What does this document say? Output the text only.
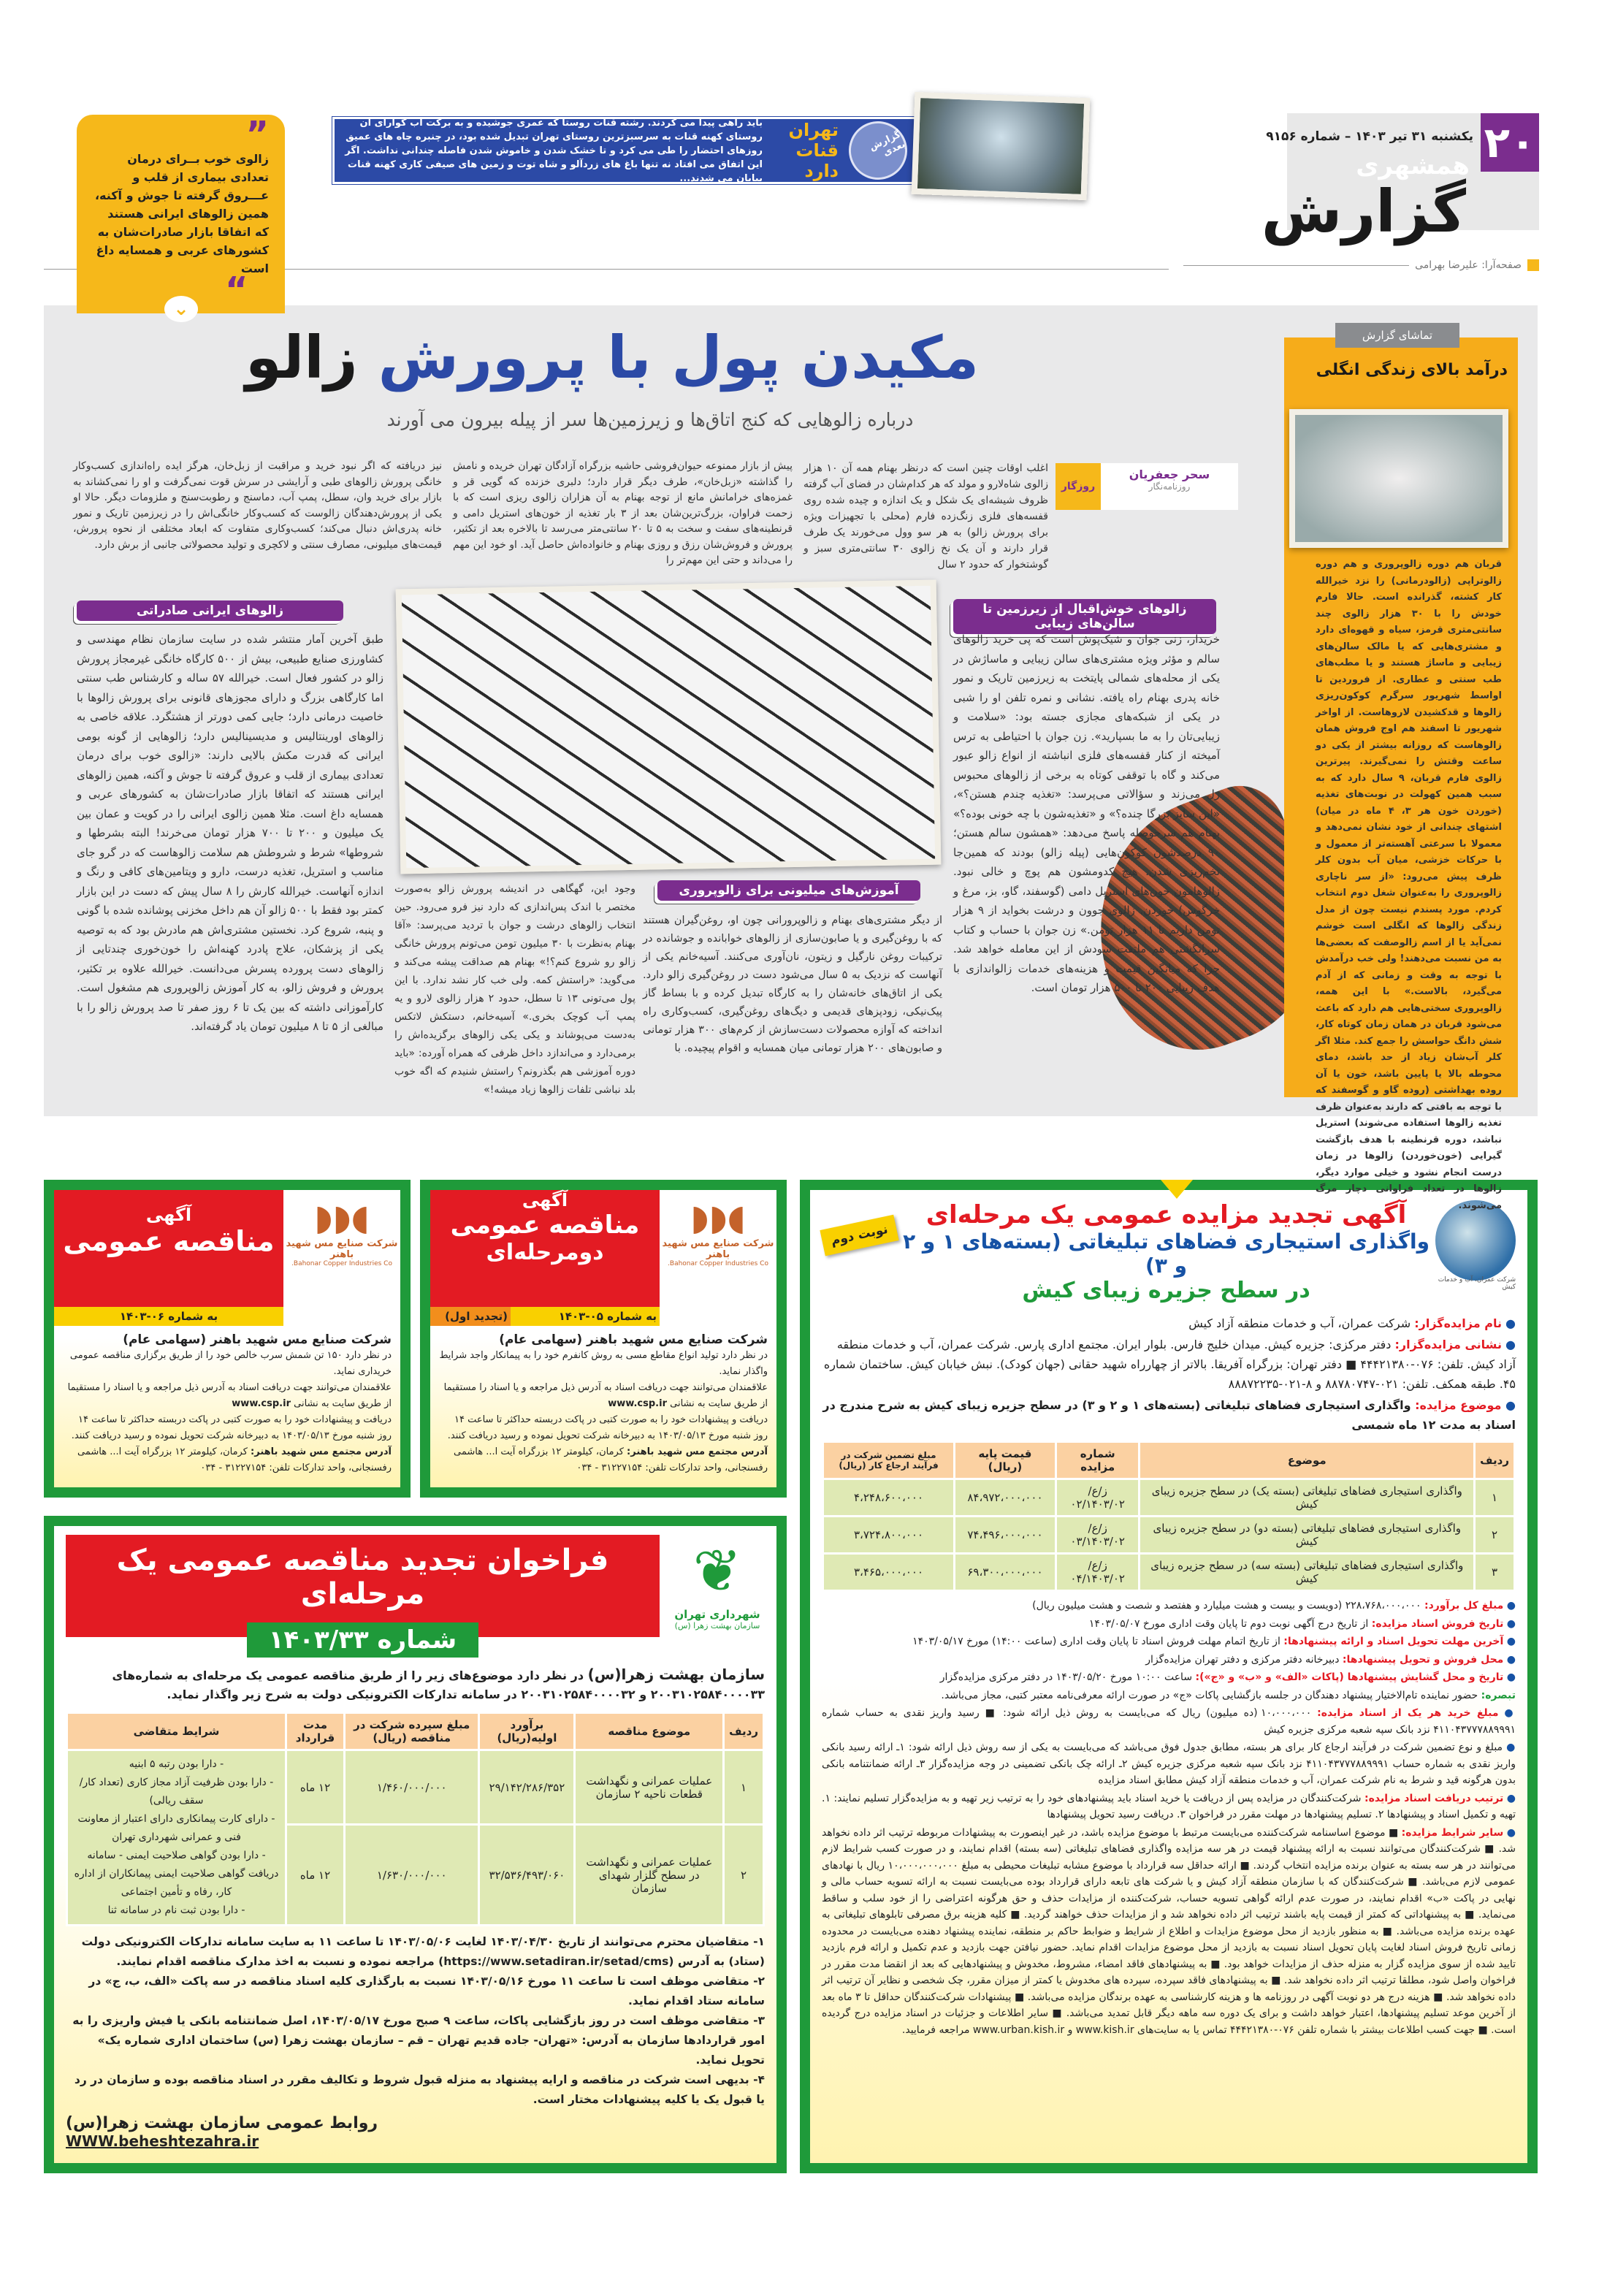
۲۰
یکشنبه ۳۱ تیر ۱۴۰۳ – شماره ۹۱۵۶
همشهری
گزارش
صفحه‌آرا: علیرضا بهرامی
گزارش بعدی
تهران قنات دارد
باید راهی پیدا می کردند. رشته قنات روستا که عمری جوشیده و به برکت آب گوارای آن روستای کهنه قنات به سرسبزترین روستای تهران تبدیل شده بود، در چنبره چاه های عمیق روزهای احتضار را طی می کرد و تا خشک شدن و خاموش شدن فاصله چندانی نداشت. اگر این اتفاق می افتاد نه تنها باغ های زردآلو و شاه توت و زمین های صیفی کاری کهنه قنات بیابان می شدند...
”
زالوی خوب بــرای درمان تعدادی بیماری از قلب و عـــروق گرفته تا جوش و آکنه، همین زالوهای ایرانی هستند که اتفاقا بازار صادرات‌شان به کشورهای عربی و همسایه داغ است
“
⌄
مکیدن پول با پرورش زالو
درباره زالوهایی که کنج اتاق‌ها و زیرزمین‌ها سر از پیله بیرون می آورند
سحر جعفریان
روزنامه‌نگار
روزگار
اغلب اوقات چنین است که درنظر بهنام همه آن ۱۰ هزار زالوی شاه‌لارو و مولد که هر کدام‌شان در فضای آب گرفته ظروف شیشه‌ای یک شکل و یک اندازه و چیده شده روی قفسه‌های فلزی زنگ‌زده فارم (محلی با تجهیزات ویژه برای پرورش زالو) به هر سو وول می‌خورند یک طرف قرار دارند و آن یک نخ زالوی ۳۰ سانتی‌متری سبز و گوشتخوار که حدود ۲ سال
پیش از بازار ممنوعه حیوان‌فروشی حاشیه بزرگراه آزادگان تهران خریده و نامش را گذاشته «زبل‌خان»، طرف دیگر قرار دارد؛ دلبری خزنده که گویی قر و غمزه‌های خرامانش مانع از توجه بهنام به آن هزاران زالوی ریزی است که با زحمت فراوان، بزرگ‌ترین‌شان بعد از ۳ بار تغذیه از خون‌های استریل دامی و قرنطینه‌های سفت و سخت به ۵ تا ۲۰ سانتی‌متر می‌رسد تا بالاخره بعد از تکثیر، پرورش و فروش‌شان رزق و روزی بهنام و خانواده‌اش حاصل آید. او خود این مهم را می‌داند و حتی این مهم‌تر را
نیز دریافته که اگر نبود خرید و مراقبت از زبل‌خان، هرگز ایده راه‌اندازی کسب‌وکار خانگی پرورش زالوهای طبی و آرایشی در سرش قوت نمی‌گرفت و او را نمی‌کشاند به بازار برای خرید وان، سطل، پمپ آب، دماسنج و رطوبت‌سنج و ملزومات دیگر. حالا او یکی از پرورش‌دهندگان زالوست که کسب‌وکار خانگی‌اش را در زیرزمین تاریک و نمور خانه پدری‌اش دنبال می‌کند؛ کسب‌وکاری متفاوت که ابعاد مختلفی از نحوه پرورش، قیمت‌های میلیونی، مصارف سنتی و لاکچری و تولید محصولاتی جانبی از برش دارد.
زالوهای خوش‌اقبال از زیرزمین تا سالن‌های زیبایی
خریدار، زنی جوان و شیک‌پوش است که پی خرید زالوهای سالم و مؤثر ویژه مشتری‌های سالن زیبایی و ماساژش در یکی از محله‌های شمالی پایتخت به زیرزمین تاریک و نمور خانه پدری بهنام راه یافته. نشانی و نمره تلفن او را شبی در یکی از شبکه‌های مجازی جسته بود: «سلامت و زیبایی‌تان را به ما بسپارید». زن جوان با احتیاطی به ترس آمیخته از کنار قفسه‌های فلزی انباشته از انواع زالو عبور می‌کند و گاه با توقفی کوتاه به برخی از زالوهای محبوس زل می‌زند و سؤالاتی می‌پرسد: «تغذیه چندم هستن؟»، «این سایز بزرگا چنده؟» و «تغذیه‌شون با چه خونی بوده؟» بهنام هم سرحوصله پاسخ می‌دهد: «همشون سالم هستن؛ ۹۰ درصدشون کوکون‌هایی (پیله زالو) بودند که همین‌جا تخم‌ریزی شدن. هیچ کدومشون هم پوچ و خالی نبود. زالوهامون خون‌های استریل دامی (گوسفند، گاو، بز، مرغ و خرگوش) خوردن. زالوی جوون و درشت بخواید از ۹ هزار تومن داریم تا ۱۱ هزار تومن.» زن جوان با حساب و کتاب سرانگشتی هم ملتفت سودش از این معامله خواهد شد. چرا که میانگین قیمت و هزینه‌های خدمات زالواندازی با هدف زیبایی ۲۰۰ تا ۵۰۰ هزار تومان است.
آموزش‌های میلیونی برای زالوپروری
از دیگر مشتری‌های بهنام و زالوپرورانی چون او، روغن‌گیران هستند که با روغن‌گیری و یا صابون‌سازی از زالوهای خوابانده و جوشانده در ترکیبات روغن نارگیل و زیتون، نان‌آوری می‌کنند. آسیه‌خانم یکی از آنهاست که نزدیک به ۵ سال می‌شود دست در روغن‌گیری زالو دارد. یکی از اتاق‌های خانه‌شان را به کارگاه تبدیل کرده و با بساط گاز پیک‌نیکی، زودپزهای قدیمی و دیگ‌های روغن‌گیری، کسب‌وکاری راه انداخته که آوازه محصولات دست‌سازش از کرم‌های ۳۰۰ هزار تومانی و صابون‌های ۲۰۰ هزار تومانی میان همسایه و اقوام پیچیده. با
وجود این، گهگاهی در اندیشه پرورش زالو به‌صورت مختصر با اندک پس‌اندازی که دارد نیز فرو می‌رود. حین انتخاب زالوهای درشت و جوان با تردید می‌پرسد: «آقا بهنام به‌نظرت با ۳۰ میلیون تومن می‌تونم پرورش خانگی زالو رو شروع کنم؟!» بهنام هم صداقت پیشه می‌کند و می‌گوید: «راستش کمه. ولی خب کار نشد ندارد. با این پول می‌تونی ۱۳ تا سطل، حدود ۲ هزار زالوی لارو و یه پمپ آب کوچک بخری.» آسیه‌خانم، دستکش لاتکس به‌دست می‌پوشاند و یکی یکی زالوهای برگزیده‌اش را برمی‌دارد و می‌اندازد داخل ظرفی که همراه آورده: «باید دوره آموزشی هم بگذرونم؟ راستش شنیدم که اگه خوب بلد نباشی تلفات زالوها زیاد میشه!»
زالوهای ایرانی صادراتی
طبق آخرین آمار منتشر شده در سایت سازمان نظام مهندسی و کشاورزی صنایع طبیعی، بیش از ۵۰۰ کارگاه خانگی غیرمجاز پرورش زالو در کشور فعال است. خیرالله ۵۷ ساله و کارشناس طب سنتی اما کارگاهی بزرگ و دارای مجوزهای قانونی برای پرورش زالوها با خاصیت درمانی دارد؛ جایی کمی دورتر از هشتگرد. علاقه خاصی به زالوهای اورینتالیس و مدیسینالیس دارد؛ زالوهایی از گونه بومی ایرانی که قدرت مکش بالایی دارند: «زالوی خوب برای درمان تعدادی بیماری از قلب و عروق گرفته تا جوش و آکنه، همین زالوهای ایرانی هستند که اتفاقا بازار صادرات‌شان به کشورهای عربی و همسایه داغ است. مثلا همین زالوی ایرانی را در کویت و عمان بین یک میلیون و ۲۰۰ تا ۷۰۰ هزار تومان می‌خرند! البته بشرطها و شروطها» شرط و شروطش هم سلامت زالوهاست که در گرو جای مناسب و استریل، تغذیه درست، دارو و ویتامین‌های کافی و رنگ و اندازه آنهاست. خیرالله کارش را ۸ سال پیش که دست در این بازار کمتر بود فقط با ۵۰۰ زالو آن هم داخل مخزنی پوشانده شده با گونی و پنبه، شروع کرد. نخستین مشتری‌اش هم مادرش بود که به توصیه یکی از پزشکان، علاج پادرد کهنه‌اش را خون‌خوری چندتایی از زالوهای دست پرورده پسرش می‌دانست. خیرالله علاوه بر تکثیر، پرورش و فروش زالو، به کار آموزش زالوپروری هم مشغول است. کارآموزانی داشته که بین یک تا ۶ روز صفر تا صد پرورش زالو را با مبالغی از ۵ تا ۸ میلیون تومان یاد گرفته‌اند.
تماشای گزارش
درآمد بالای زندگی انگلی
قربان هم دوره زالوپروری و هم دوره زالوتراپی (زالودرمانی) را نزد خیرالله کار کشته، گذرانده است. حالا فارم خودش را با ۳۰ هزار زالوی چند سانتی‌متری قرمز، سیاه و قهوه‌ای دارد و مشتری‌هایی که یا مالک سالن‌های زیبایی و ماساژ هستند و یا مطب‌های طب سنتی و عطاری. از فروردین تا اواسط شهریور سرگرم کوکون‌ریزی زالوها و قدکشیدن لاروهاست. از اواخر شهریور تا اسفند هم اوج فروش همان زالوهاست که روزانه بیشتر از یکی دو ساعت وقتش را نمی‌گیرند. پیرترین زالوی فارم قربان، ۹ سال دارد که به سبب همین کهولت در نوبت‌های تغذیه (خوردن خون هر ۳، ۴ ماه در میان) اشتهای چندانی از خود نشان نمی‌دهد و معمولا با سرعتی آهسته‌تر از معمول و با حرکات خزشی، میان آب بدون کلر ظرف پیش می‌رود: «از سر ناچاری زالوپروری را به‌عنوان شغل دوم انتخاب کردم. مورد پسندم نیست چون از مدل زندگی زالوها که انگلی است خوشم نمی‌آید یا از اسم زالوصفت که بعضی‌ها به من نسبت می‌دهند! ولی خب درآمدش با توجه به وقت و زمانی که از آدم می‌گیرد، بالاست.» با این همه، زالوپروری سختی‌هایی هم دارد که باعث می‌شود قربان در همان زمان کوتاه کار، شش دانگ حواسش را جمع کند. مثلا اگر کلر آب‌شان زیاد از حد باشد، دمای محوطه بالا یا پایین باشد، خون یا آن روده بهداشتی (روده گاو و گوسفند که با توجه به بافتی که دارند به‌عنوان ظرف تغذیه زالوها استفاده می‌شوند) استریل نباشد، دوره قرنطینه با هدف بازگشت گیرایی (خون‌خوردن) زالوها در زمان درست انجام نشود و خیلی موارد دیگر، زالوها در تعداد فراوانی دچار مرگ می‌شوند.
◖◗◗
شرکت صنایع مس شهید باهنر
Bahonar Copper Industries Co.
آگهی
مناقصه عمومی
دومرحله‌ای
به شماره ۰۵-۱۴۰۳
(تجدید اول)
شرکت صنایع مس شهید باهنر (سهامی عام)
در نظر دارد تولید انواع مقاطع مسی به روش کانفرم خود را به پیمانکار واجد شرایط واگذار نماید.
علاقمندان می‌توانند جهت دریافت اسناد به آدرس ذیل مراجعه و یا اسناد را مستقیما از طریق سایت به نشانی www.csp.ir
دریافت و پیشنهادات خود را به صورت کتبی در پاکت دربسته حداکثر تا ساعت ۱۴ روز شنبه مورخ ۱۴۰۳/۰۵/۱۳ به دبیرخانه شرکت تحویل نموده و رسید دریافت کنند.
آدرس مجتمع مس شهید باهنر: کرمان، کیلومتر ۱۲ بزرگراه آیت ا... هاشمی رفسنجانی، واحد تدارکات تلفن: ۳۱۲۲۷۱۵۴ - ۰۳۴
◖◗◗
شرکت صنایع مس شهید باهنر
Bahonar Copper Industries Co.
آگهی
مناقصه عمومی
به شماره ۰۶-۱۴۰۳
شرکت صنایع مس شهید باهنر (سهامی عام)
در نظر دارد ۱۵۰ تن شمش سرب خالص خود را از طریق برگزاری مناقصه عمومی خریداری نماید.
علاقمندان می‌توانند جهت دریافت اسناد به آدرس ذیل مراجعه و یا اسناد را مستقیما از طریق سایت به نشانی www.csp.ir
دریافت و پیشنهادات خود را به صورت کتبی در پاکت دربسته حداکثر تا ساعت ۱۴ روز شنبه مورخ ۱۴۰۳/۰۵/۱۳ به دبیرخانه شرکت تحویل نموده و رسید دریافت کنند.
آدرس مجتمع مس شهید باهنر: کرمان، کیلومتر ۱۲ بزرگراه آیت ا... هاشمی رفسنجانی، واحد تدارکات تلفن: ۳۱۲۲۷۱۵۴ - ۰۳۴
❦
شهرداری تهران
سازمان بهشت زهرا (س)
فراخوان تجدید مناقصه عمومی یک مرحله‌ای
شماره ۱۴۰۳/۳۳
سازمان بهشت زهرا(س) در نظر دارد موضوع‌های زیر را از طریق مناقصه عمومی یک مرحله‌ای به شماره‌های ۲۰۰۳۱۰۲۵۸۴۰۰۰۰۳۳ و ۲۰۰۳۱۰۲۵۸۴۰۰۰۰۳۲ در سامانه تدارکات الکترونیکی دولت به شرح زیر واگذار نماید.
ردیف	موضوع مناقصه	برآورد اولیه(ریال)	مبلغ سپرده شرکت در مناقصه (ریال)	مدت قرارداد	شرایط متقاضی
۱	عملیات عمرانی و نگهداشت قطعات ناحیه ۲ سازمان	۲۹/۱۴۲/۲۸۶/۳۵۲	۱/۴۶۰/۰۰۰/۰۰۰	۱۲ ماه	- دارا بودن رتبه ۵ ابنیه
- دارا بودن ظرفیت آزاد مجاز کاری (تعداد کار/ سقف ریالی)
- دارای کارت پیمانکاری دارای اعتبار از معاونت فنی و عمرانی شهرداری تهران
- دارا بودن گواهی صلاحیت ایمنی - سامانه دریافت گواهی صلاحیت ایمنی پیمانکاران از اداره کار، رفاه و تأمین اجتماعی
- دارا بودن ثبت نام در سامانه ثنا

۲	عملیات عمرانی و نگهداشت در سطح گلزار شهدای سازمان	۳۲/۵۳۶/۴۹۳/۰۶۰	۱/۶۳۰/۰۰۰/۰۰۰	۱۲ ماه	
۱- متقاضیان محترم می‌توانند از تاریخ ۱۴۰۳/۰۴/۳۰ لغایت ۱۴۰۳/۰۵/۰۶ تا ساعت ۱۱ به سایت سامانه تدارکات الکترونیکی دولت (ستاد) به آدرس (https://www.setadiran.ir/setad/cms) مراجعه نموده و نسبت به اخذ مدارک مناقصه اقدام نمایند.
۲- متقاضی موظف است تا ساعت ۱۱ مورخ ۱۴۰۳/۰۵/۱۶ نسبت به بارگذاری کلیه اسناد مناقصه در سه پاکت «الف، ب، ج» در سامانه ستاد اقدام نماید.
۳- متقاضی موظف است در روز بازگشایی پاکات، ساعت ۹ صبح مورخ ۱۴۰۳/۰۵/۱۷، اصل ضمانتنامه بانکی یا فیش واریزی را به امور قراردادها سازمان به آدرس: «تهران- جاده قدیم تهران – قم – سازمان بهشت زهرا (س) ساختمان اداری شماره یک» تحویل نماید.
۴- بدیهی است شرکت در مناقصه و ارایه پیشنهاد به منزله قبول شروط و تکالیف مقرر در اسناد مناقصه بوده و سازمان در رد یا قبول یک یا کلیه پیشنهادات مختار است.
روابط عمومی سازمان بهشت زهرا(س)
WWW.beheshtezahra.ir
شرکت عمران، آب و خدمات کیش
آگهی تجدید مزایده عمومی یک مرحله‌ای
واگذاری استیجاری فضاهای تبلیغاتی (بسته‌های ۱ و ۲ و ۳)
در سطح جزیره زیبای کیش
نوبت دوم
● نام مزایده‌گزار: شرکت عمران، آب و خدمات منطقه آزاد کیش
● نشانی مزایده‌گزار: دفتر مرکزی: جزیره کیش. میدان خلیج فارس. بلوار ایران. مجتمع اداری پارس. شرکت عمران، آب و خدمات منطقه آزاد کیش. تلفن: ۰۷۶-۴۴۴۲۱۳۸۰ ■ دفتر تهران: بزرگراه آفریقا. بالاتر از چهارراه شهید حقانی (جهان کودک). نبش خیابان کیش. ساختمان شماره ۴۵. طبقه همکف. تلفن: ۰۲۱-۸۸۷۸۰۷۴۷ و ۸-۰۲۱-۸۸۸۷۲۲۳۵
● موضوع مزایده: واگذاری استیجاری فضاهای تبلیغاتی (بسته‌های ۱ و ۲ و ۳) در سطح جزیره زیبای کیش به شرح مندرج در اسناد به مدت ۱۲ ماه شمسی
ردیف	موضوع	شماره مزایده	قیمت پایه (ریال)	مبلغ تضمین شرکت در فرآیند ارجاع کار (ریال)
۱	واگذاری استیجاری فضاهای تبلیغاتی (بسته یک) در سطح جزیره زیبای کیش	ز/ع/۰۲/۱۴۰۳/۰۲	۸۴،۹۷۲،۰۰۰،۰۰۰	۴،۲۴۸،۶۰۰،۰۰۰
۲	واگذاری استیجاری فضاهای تبلیغاتی (بسته دو) در سطح جزیره زیبای کیش	ز/ع/۰۳/۱۴۰۳/۰۲	۷۴،۴۹۶،۰۰۰،۰۰۰	۳،۷۲۴،۸۰۰،۰۰۰
۳	واگذاری استیجاری فضاهای تبلیغاتی (بسته سه) در سطح جزیره زیبای کیش	ز/ع/۰۴/۱۴۰۳/۰۲	۶۹،۳۰۰،۰۰۰،۰۰۰	۳،۴۶۵،۰۰۰،۰۰۰
● مبلغ کل برآورد: ۲۲۸،۷۶۸،۰۰۰،۰۰۰ (دویست و بیست و هشت میلیارد و هفتصد و شصت و هشت میلیون ریال)
● تاریخ فروش اسناد مزایده: از تاریخ درج آگهی نوبت دوم تا پایان وقت اداری مورخ ۱۴۰۳/۰۵/۰۷
● آخرین مهلت تحویل اسناد و ارائه پیشنهادها: از تاریخ اتمام مهلت فروش اسناد تا پایان وقت اداری (ساعت ۱۴:۰۰) مورخ ۱۴۰۳/۰۵/۱۷
● محل فروش و تحویل پیشنهادها: دبیرخانه دفتر مرکزی و دفتر تهران مزایده‌گزار
● تاریخ و محل گشایش پیشنهادها (پاکات «الف» و «ب» و «ج»): ساعت ۱۰:۰۰ مورخ ۱۴۰۳/۰۵/۲۰ در دفتر مرکزی مزایده‌گزار
تبصره: حضور نماینده تام‌الاختیار پیشنهاد دهندگان در جلسه بازگشایی پاکات «ج» در صورت ارائه معرفی‌نامه معتبر کتبی، مجاز می‌باشد.
● مبلغ خرید هر یک از اسناد مزایده: ۱۰،۰۰۰،۰۰۰ (ده میلیون) ریال که می‌بایست به روش ذیل ارائه شود: ■ رسید واریز نقدی به حساب شماره ۴۱۱۰۴۳۷۷۷۸۸۹۹۹۱ نزد بانک سپه شعبه مرکزی جزیره کیش
● مبلغ و نوع تضمین شرکت در فرآیند ارجاع کار برای هر بسته، مطابق جدول فوق می‌باشد که می‌بایست به یکی از سه روش ذیل ارائه شود: ۱ـ ارائه رسید بانکی واریز نقدی به شماره حساب ۴۱۱۰۴۳۷۷۷۸۸۹۹۹۱ نزد بانک سپه شعبه مرکزی جزیره کیش ۲ـ ارائه چک بانکی تضمینی در وجه مزایده‌گزار ۳ـ ارائه ضمانتنامه بانکی بدون هرگونه قید و شرط به نام شرکت عمران، آب و خدمات منطقه آزاد کیش مطابق اسناد مزایده
● ترتیب دریافت اسناد مزایده: شرکت‌کنندگان در مزایده پس از دریافت یا خرید اسناد باید پیشنهادهای خود را به ترتیب زیر تهیه و به مزایده‌گزار تسلیم نمایند: ۱. تهیه و تکمیل اسناد و پیشنهادها ۲. تسلیم پیشنهادها در مهلت مقرر در فراخوان ۳. دریافت رسید تحویل پیشنهادها
● سایر شرایط مزایده: ■ موضوع اساسنامه شرکت‌کننده می‌بایست مرتبط با موضوع مزایده باشد، در غیر اینصورت به پیشنهادات مربوطه ترتیب اثر داده نخواهد شد. ■ شرکت‌کنندگان می‌توانند نسبت به ارائه پیشنهاد قیمت در هر سه مزایده واگذاری فضاهای تبلیغاتی (سه بسته) اقدام نمایند، و در صورت کسب شرایط لازم می‌توانند در هر سه بسته به عنوان برنده مزایده انتخاب گردند. ■ ارائه حداقل سه قرارداد با موضوع مشابه تبلیغات محیطی به مبلغ ۱۰،۰۰۰،۰۰۰،۰۰۰ ریال با نهادهای عمومی لازم می‌باشد. ■ شرکت‌کنندگان که با سازمان منطقه آزاد کیش و یا شرکت های تابعه دارای قرارداد بوده می‌بایست نسبت به ارائه تسویه حساب مالی و نهایی در پاکت «ب» اقدام نمایند، در صورت عدم ارائه گواهی تسویه حساب، شرکت‌کننده از مزایدات حذف و حق هرگونه اعتراضی را از خود سلب و ساقط می‌نماید. ■ به پیشنهاداتی که کمتر از قیمت پایه باشند ترتیب اثر داده نخواهد شد و از مزایدات حذف خواهند گردید. ■ کلیه هزینه برق مصرفی تابلوهای تبلیغاتی به عهده برنده مزایده می‌باشد. ■ به منظور بازدید از محل موضوع مزایدات و اطلاع از شرایط و ضوابط حاکم بر منطقه، نماینده پیشنهاد دهنده می‌بایست در محدوده زمانی تاریخ فروش اسناد لغایت پایان تحویل اسناد نسبت به بازدید از محل موضوع مزایدات اقدام نماید. حضور نیافتن جهت بازدید و عدم تکمیل و ارائه فرم بازدید تایید شده از سوی مزایده گزار به منزله حذف از مزایدات خواهد بود. ■ به پیشنهادهای فاقد امضاء، مشروط، مخدوش و پیشنهادهایی که بعد از انقضا مدت مقرر در فراخوان واصل شود، مطلقا ترتیب اثر داده نخواهد شد. ■ به پیشنهادهای فاقد سپرده، سپرده های مخدوش یا کمتر از میزان مقرر، چک شخصی و نظایر آن ترتیب اثر داده نخواهد شد. ■ هزینه درج هر دو نوبت آگهی در روزنامه ها و هزینه کارشناسی به عهده برندگان مزایده می‌باشد. ■ پیشنهادات شرکت‌کنندگان حداقل تا ۳ ماه بعد از آخرین موعد تسلیم پیشنهادها، اعتبار خواهد داشت و برای یک دوره سه ماهه دیگر قابل تمدید می‌باشد. ■ سایر اطلاعات و جزئیات در اسناد مزایده درج گردیده است. ■ جهت کسب اطلاعات بیشتر با شماره تلفن ۰۷۶-۴۴۴۲۱۳۸۰ تماس یا به سایت‌های www.kish.ir و www.urban.kish.ir مراجعه فرمایید.
